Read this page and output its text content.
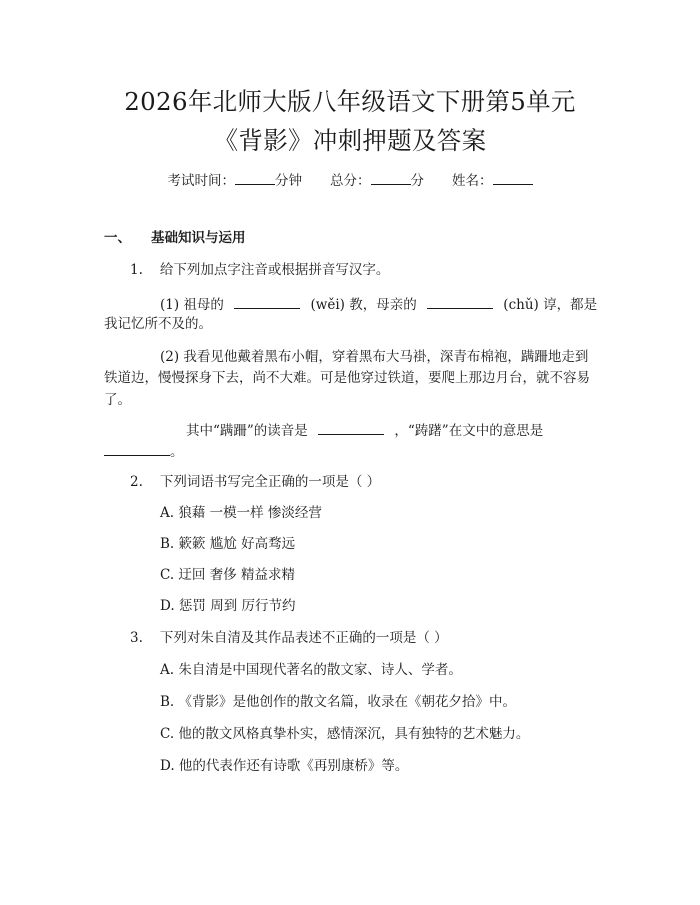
2026年北师大版八年级语文下册第5单元
《背影》冲刺押题及答案
考试时间：	分钟 总分：	分 姓名：
一、 基础知识与运用
1. 给下列加点字注音或根据拼音写汉字。
(1) 祖母的	(wěi) 教，母亲的	(chǔ) 谆，都是
我记忆所不及的。
(2) 我看见他戴着黑布小帽，穿着黑布大马褂，深青布棉袍，蹒跚地走到
铁道边，慢慢探身下去，尚不大难。可是他穿过铁道，要爬上那边月台，就不容易
了。
其中“蹒跚”的读音是	，“踌躇”在文中的意思是
。
2. 下列词语书写完全正确的一项是（ ）
A. 狼藉 一模一样 惨淡经营
B. 簌簌 尴尬 好高骛远
C. 迂回 奢侈 精益求精
D. 惩罚 周到 厉行节约
3. 下列对朱自清及其作品表述不正确的一项是（ ）
A. 朱自清是中国现代著名的散文家、诗人、学者。
B. 《背影》是他创作的散文名篇，收录在《朝花夕拾》中。
C. 他的散文风格真挚朴实，感情深沉，具有独特的艺术魅力。
D. 他的代表作还有诗歌《再别康桥》等。
